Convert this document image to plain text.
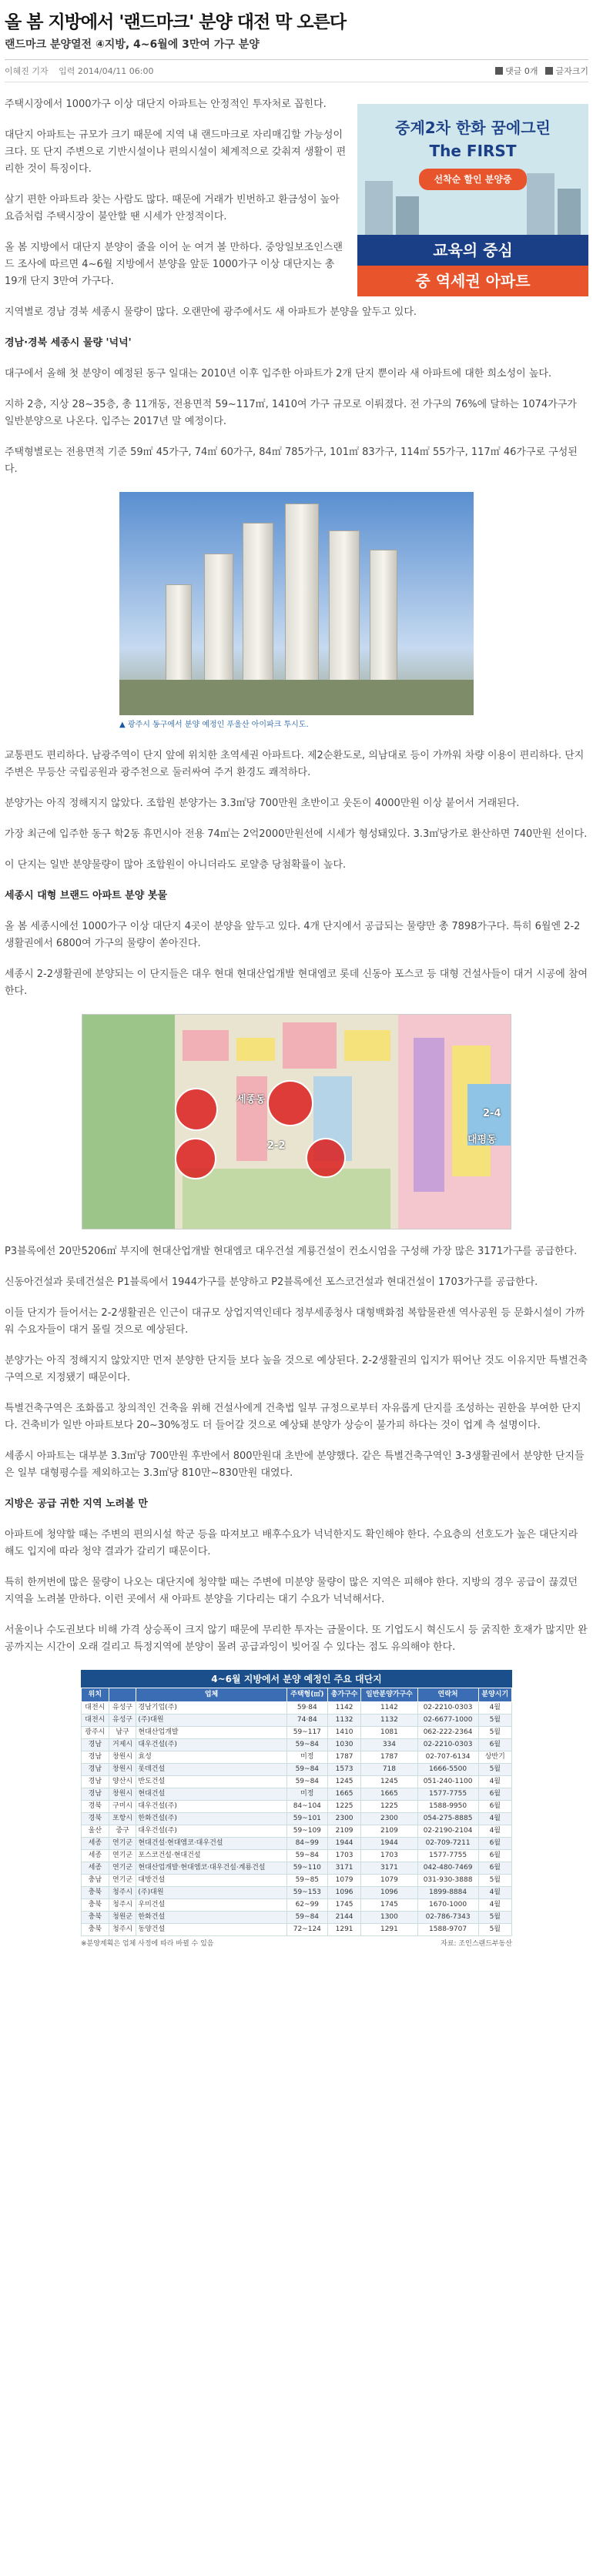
올 봄 지방에서 '랜드마크' 분양 대전 막 오른다
랜드마크 분양열전 ④지방, 4~6월에 3만여 가구 분양
이혜진 기자 입력 2014/04/11 06:00	댓글 0개 글자크기
중계2차 한화 꿈에그린
The FIRST
선착순 할인 분양중
교육의 중심
중 역세권 아파트

주택시장에서 1000가구 이상 대단지 아파트는 안정적인 투자처로 꼽힌다.

대단지 아파트는 규모가 크기 때문에 지역 내 랜드마크로 자리매김할 가능성이 크다. 또 단지 주변으로 기반시설이나 편의시설이 체계적으로 갖춰져 생활이 편리한 것이 특징이다.

살기 편한 아파트라 찾는 사람도 많다. 때문에 거래가 빈번하고 환금성이 높아 요즘처럼 주택시장이 불안할 땐 시세가 안정적이다.

올 봄 지방에서 대단지 분양이 줄을 이어 눈 여겨 볼 만하다. 중앙일보조인스랜드 조사에 따르면 4~6월 지방에서 분양을 앞둔 1000가구 이상 대단지는 총 19개 단지 3만여 가구다.

지역별로 경남 경북 세종시 물량이 많다. 오랜만에 광주에서도 새 아파트가 분양을 앞두고 있다.

경남·경북 세종시 물량 '넉넉'

대구에서 올해 첫 분양이 예정된 동구 일대는 2010년 이후 입주한 아파트가 2개 단지 뿐이라 새 아파트에 대한 희소성이 높다.

지하 2층, 지상 28~35층, 총 11개동, 전용면적 59~117㎡, 1410여 가구 규모로 이뤄졌다. 전 가구의 76%에 달하는 1074가구가 일반분양으로 나온다. 입주는 2017년 말 예정이다.

주택형별로는 전용면적 기준 59㎡ 45가구, 74㎡ 60가구, 84㎡ 785가구, 101㎡ 83가구, 114㎡ 55가구, 117㎡ 46가구로 구성된다.

▲ 광주시 동구에서 분양 예정인 푸울산 아이파크 투시도.

교통편도 편리하다. 남광주역이 단지 앞에 위치한 초역세권 아파트다. 제2순환도로, 의남대로 등이 가까워 차량 이용이 편리하다. 단지 주변은 무등산 국립공원과 광주천으로 둘러싸여 주거 환경도 쾌적하다.

분양가는 아직 정해지지 않았다. 조합원 분양가는 3.3㎡당 700만원 초반이고 웃돈이 4000만원 이상 붙어서 거래된다.

가장 최근에 입주한 동구 학2동 휴먼시아 전용 74㎡는 2억2000만원선에 시세가 형성돼있다. 3.3㎡당가로 환산하면 740만원 선이다.

이 단지는 일반 분양물량이 많아 조합원이 아니더라도 로얄층 당첨확률이 높다.

세종시 대형 브랜드 아파트 분양 봇물

올 봄 세종시에선 1000가구 이상 대단지 4곳이 분양을 앞두고 있다. 4개 단지에서 공급되는 물량만 총 7898가구다. 특히 6월엔 2-2생활권에서 6800여 가구의 물량이 쏟아진다.

세종시 2-2생활권에 분양되는 이 단지들은 대우 현대 현대산업개발 현대엠코 롯데 신동아 포스코 등 대형 건설사들이 대거 시공에 참여한다.

세종동
2-2
2-4
대평동

P3블록에선 20만5206㎡ 부지에 현대산업개발 현대엠코 대우건설 계룡건설이 컨소시엄을 구성해 가장 많은 3171가구를 공급한다.

신동아건설과 롯데건설은 P1블록에서 1944가구를 분양하고 P2블록에선 포스코건설과 현대건설이 1703가구를 공급한다.

이들 단지가 들어서는 2-2생활권은 인근이 대규모 상업지역인데다 정부세종청사 대형백화점 복합물관센 역사공원 등 문화시설이 가까워 수요자들이 대거 몰릴 것으로 예상된다.

분양가는 아직 정해지지 않았지만 먼저 분양한 단지들 보다 높을 것으로 예상된다. 2-2생활권의 입지가 뛰어난 것도 이유지만 특별건축 구역으로 지정됐기 때문이다.

특별건축구역은 조화롭고 창의적인 건축을 위해 건설사에게 건축법 일부 규정으로부터 자유롭게 단지를 조성하는 권한을 부여한 단지다. 건축비가 일반 아파트보다 20~30%정도 더 들어갈 것으로 예상돼 분양가 상승이 불가피 하다는 것이 업계 측 설명이다.

세종시 아파트는 대부분 3.3㎡당 700만원 후반에서 800만원대 초반에 분양했다. 같은 특별건축구역인 3-3생활권에서 분양한 단지들은 일부 대형평수를 제외하고는 3.3㎡당 810만~830만원 대였다.

지방은 공급 귀한 지역 노려볼 만

아파트에 청약할 때는 주변의 편의시설 학군 등을 따져보고 배후수요가 넉넉한지도 확인해야 한다. 수요층의 선호도가 높은 대단지라 해도 입지에 따라 청약 결과가 갈리기 때문이다.

특히 한꺼번에 많은 물량이 나오는 대단지에 청약할 때는 주변에 미분양 물량이 많은 지역은 피해야 한다. 지방의 경우 공급이 끊겼던 지역을 노려볼 만하다. 이런 곳에서 새 아파트 분양을 기다리는 대기 수요가 넉넉해서다.

서울이나 수도권보다 비해 가격 상승폭이 크지 않기 때문에 무리한 투자는 금물이다. 또 기업도시 혁신도시 등 굵직한 호재가 많지만 완공까지는 시간이 오래 걸리고 특정지역에 분양이 몰려 공급과잉이 빚어질 수 있다는 점도 유의해야 한다.

4~6월 지방에서 분양 예정인 주요 대단지
위치		업체	주택형(㎡)	총가구수	일반분양가구수	연락처	분양시기
대전시	유성구	경남기업(주)	59·84	1142	1142	02-2210-0303	4월
대전시	유성구	(주)대원	74·84	1132	1132	02-6677-1000	5월
광주시	남구	현대산업개발	59~117	1410	1081	062-222-2364	5월
경남	거제시	대우건설(주)	59~84	1030	334	02-2210-0303	6월
경남	창원시	효성	미정	1787	1787	02-707-6134	상반기
경남	창원시	롯데건설	59~84	1573	718	1666-5500	5월
경남	양산시	반도건설	59~84	1245	1245	051-240-1100	4월
경남	창원시	현대건설	미정	1665	1665	1577-7755	6월
경북	구미시	대우건설(주)	84~104	1225	1225	1588-9950	6월
경북	포항시	한화건설(주)	59~101	2300	2300	054-275-8885	4월
울산	중구	대우건설(주)	59~109	2109	2109	02-2190-2104	4월
세종	연기군	현대건설·현대엠코·대우건설	84~99	1944	1944	02-709-7211	6월
세종	연기군	포스코건설·현대건설	59~84	1703	1703	1577-7755	6월
세종	연기군	현대산업개발·현대엠코·대우건설·계룡건설	59~110	3171	3171	042-480-7469	6월
충남	연기군	대방건설	59~85	1079	1079	031-930-3888	5월
충북	청주시	(주)대원	59~153	1096	1096	1899-8884	4월
충북	청주시	우미건설	62~99	1745	1745	1670-1000	4월
충북	청원군	한화건설	59~84	2144	1300	02-786-7343	5월
충북	청주시	동양건설	72~124	1291	1291	1588-9707	5월
※분양계획은 업체 사정에 따라 바뀔 수 있음	자료: 조인스랜드부동산
